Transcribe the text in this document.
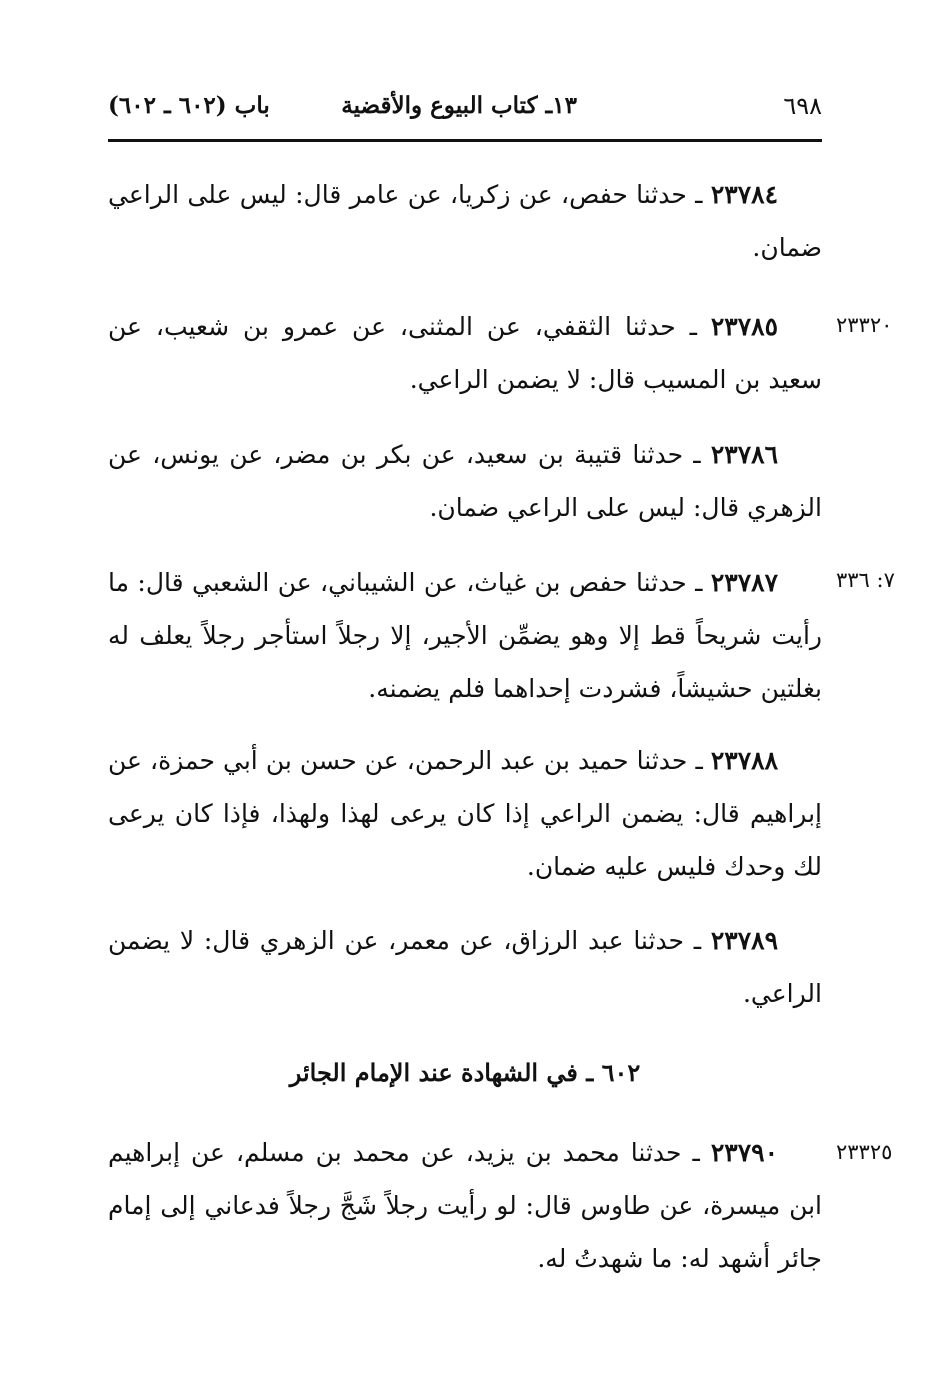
٦٩٨
١٣ـ كتاب البيوع والأقضية
باب (٦٠٢ ـ ٦٠٢)

٢٣٧٨٤ ـ حدثنا حفص، عن زكريا، عن عامر قال: ليس على الراعي ضمان.

٢٣٣٢٠

٢٣٧٨٥ ـ حدثنا الثقفي، عن المثنى، عن عمرو بن شعيب، عن سعيد بن المسيب قال: لا يضمن الراعي.

٢٣٧٨٦ ـ حدثنا قتيبة بن سعيد، عن بكر بن مضر، عن يونس، عن الزهري قال: ليس على الراعي ضمان.

٧: ٣٣٦

٢٣٧٨٧ ـ حدثنا حفص بن غياث، عن الشيباني، عن الشعبي قال: ما رأيت شريحاً قط إلا وهو يضمِّن الأجير، إلا رجلاً استأجر رجلاً يعلف له بغلتين حشيشاً، فشردت إحداهما فلم يضمنه.

٢٣٧٨٨ ـ حدثنا حميد بن عبد الرحمن، عن حسن بن أبي حمزة، عن إبراهيم قال: يضمن الراعي إذا كان يرعى لهذا ولهذا، فإذا كان يرعى لك وحدك فليس عليه ضمان.

٢٣٧٨٩ ـ حدثنا عبد الرزاق، عن معمر، عن الزهري قال: لا يضمن الراعي.

٦٠٢ ـ في الشهادة عند الإمام الجائر
٢٣٣٢٥

٢٣٧٩٠ ـ حدثنا محمد بن يزيد، عن محمد بن مسلم، عن إبراهيم ابن ميسرة، عن طاوس قال: لو رأيت رجلاً شَجَّ رجلاً فدعاني إلى إمام جائر أشهد له: ما شهدتُ له.
